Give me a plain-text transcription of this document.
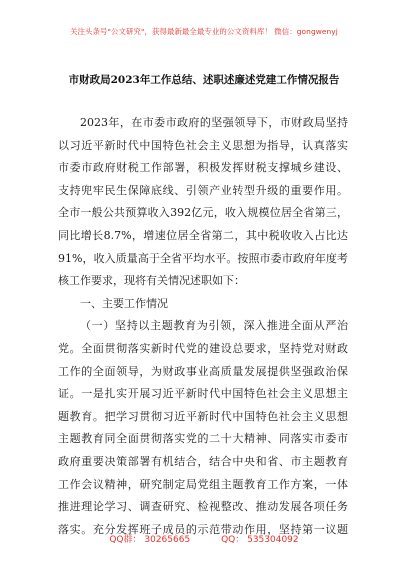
关注头条号"公文研究"，获得最新最全最专业的公文资料库！ 微信：gongwenyj
市财政局2023年工作总结、述职述廉述党建工作情况报告
2023年，在市委市政府的坚强领导下，市财政局坚持
以习近平新时代中国特色社会主义思想为指导，认真落实
市委市政府财税工作部署，积极发挥财税支撑城乡建设、
支持兜牢民生保障底线、引领产业转型升级的重要作用。
全市一般公共预算收入392亿元，收入规模位居全省第三，
同比增长8.7%，增速位居全省第二，其中税收收入占比达
91%，收入质量高于全省平均水平。按照市委市政府年度考
核工作要求，现将有关情况述职如下：
一、主要工作情况
（一）坚持以主题教育为引领，深入推进全面从严治
党。全面贯彻落实新时代党的建设总要求，坚持党对财政
工作的全面领导，为财政事业高质量发展提供坚强政治保
证。一是扎实开展习近平新时代中国特色社会主义思想主
题教育。把学习贯彻习近平新时代中国特色社会主义思想
主题教育同全面贯彻落实党的二十大精神、同落实市委市
政府重要决策部署有机结合，结合中央和省、市主题教育
工作会议精神，研究制定局党组主题教育工作方案，一体
推进理论学习、调查研究、检视整改、推动发展各项任务
落实。充分发挥班子成员的示范带动作用，坚持第一议题
QQ群： 30265665	QQ： 535304092
